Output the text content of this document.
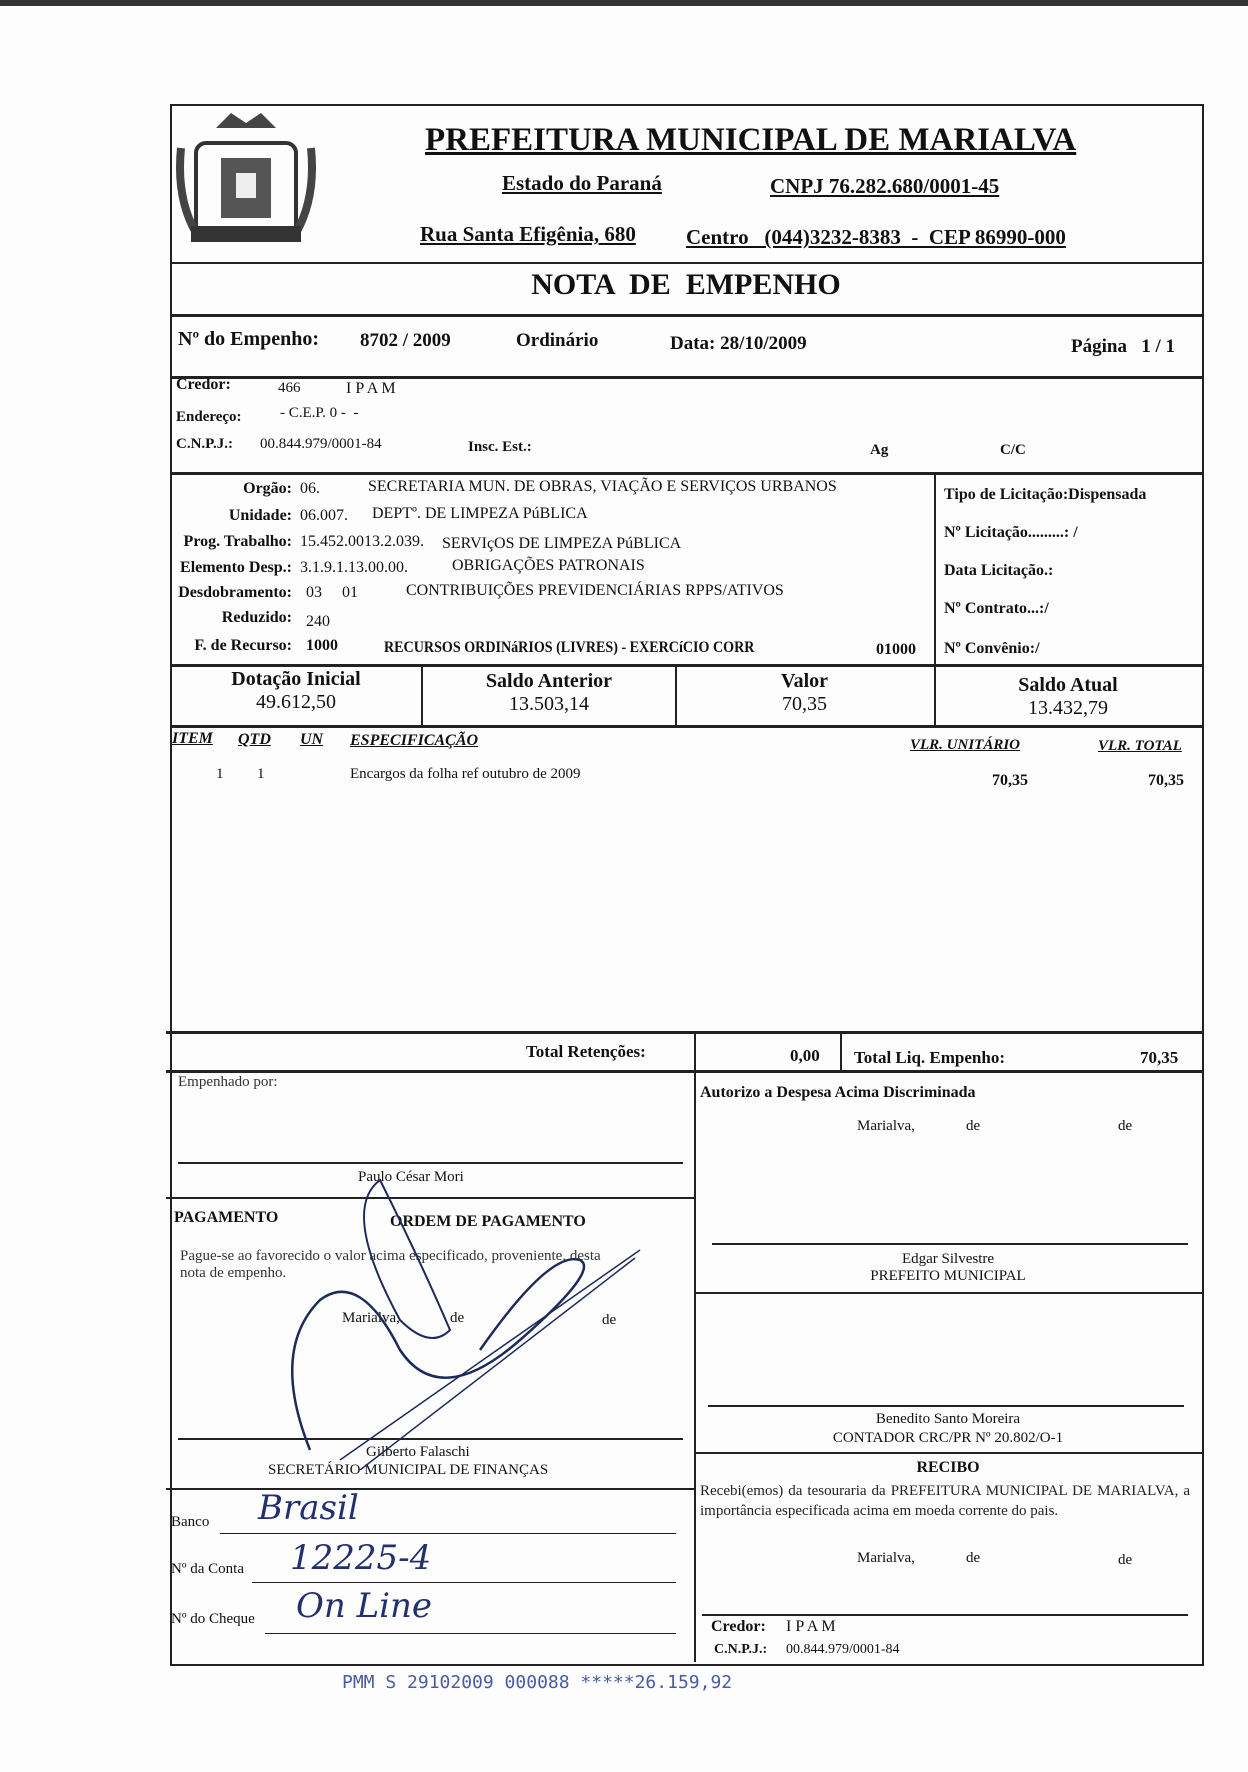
PREFEITURA MUNICIPAL DE MARIALVA
Estado do Paraná	CNPJ 76.282.680/0001-45
Rua Santa Efigênia, 680 Centro   (044)3232-8383  -  CEP 86990-000
NOTA  DE  EMPENHO
Nº do Empenho: 8702 / 2009	Ordinário	Data: 28/10/2009	Página   1 / 1
Credor:	466	I P A M
Endereço:	- C.E.P. 0 -  -
C.N.P.J.: 00.844.979/0001-84	Insc. Est.:	Ag	C/C
Orgão: 06.	SECRETARIA MUN. DE OBRAS, VIAÇÃO E SERVIÇOS URBANOS
Unidade: 06.007. DEPTº. DE LIMPEZA PúBLICA
Prog. Trabalho: 15.452.0013.2.039. SERVIçOS DE LIMPEZA PúBLICA
Elemento Desp.: 3.1.9.1.13.00.00.	OBRIGAÇÕES PATRONAIS
Desdobramento: 03     01	CONTRIBUIÇÕES PREVIDENCIÁRIAS RPPS/ATIVOS
Reduzido: 240
F. de Recurso: 1000	RECURSOS ORDINáRIOS (LIVRES) - EXERCíCIO CORR	01000
Tipo de Licitação:Dispensada
Nº Licitação.........: /
Data Licitação.:
Nº Contrato...:/
Nº Convênio:/
Dotação Inicial
49.612,50
Saldo Anterior
13.503,14
Valor
70,35
Saldo Atual
13.432,79
ITEM QTD UN ESPECIFICAÇÃO	VLR. UNITÁRIO	VLR. TOTAL
1 1	Encargos da folha ref outubro de 2009	70,35	70,35
Total Retenções:	0,00 Total Liq. Empenho:	70,35
Empenhado por:
Paulo César Mori
PAGAMENTO	ORDEM DE PAGAMENTO
Pague-se ao favorecido o valor acima especificado, proveniente, desta
nota de empenho.
Marialva,	de	de
Gilberto Falaschi
SECRETÁRIO MUNICIPAL DE FINANÇAS
Banco Brasil
Nº da Conta 12225-4
Nº do Cheque On Line
Autorizo a Despesa Acima Discriminada
Marialva,	de	de
Edgar Silvestre
PREFEITO MUNICIPAL
Benedito Santo Moreira
CONTADOR CRC/PR Nº 20.802/O-1
RECIBO
Recebi(emos) da tesouraria da PREFEITURA MUNICIPAL DE MARIALVA, a importância especificada acima em moeda corrente do pais.
Marialva,	de	de
Credor: I P A M
C.N.P.J.: 00.844.979/0001-84
PMM S 29102009 000088 *****26.159,92
